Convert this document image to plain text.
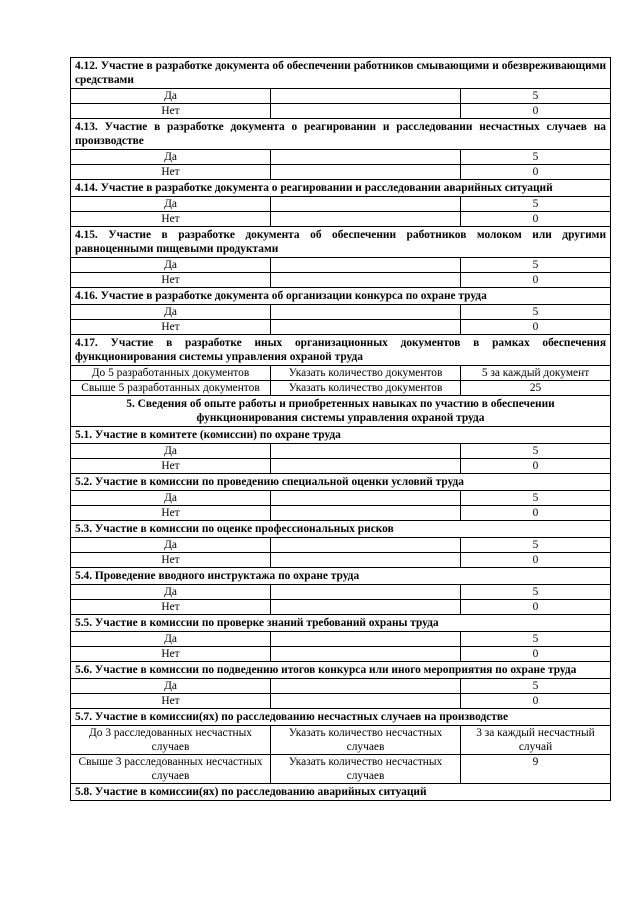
4.12. Участие в разработке документа об обеспечении работников смывающими и обезвреживающими средствами		
Да		5
Нет		0
4.13. Участие в разработке документа о реагировании и расследовании несчастных случаев на производстве		
Да		5
Нет		0
4.14. Участие в разработке документа о реагировании и расследовании аварийных ситуаций		
Да		5
Нет		0
4.15. Участие в разработке документа об обеспечении работников молоком или другими равноценными пищевыми продуктами		
Да		5
Нет		0
4.16. Участие в разработке документа об организации конкурса по охране труда		
Да		5
Нет		0
4.17. Участие в разработке иных организационных документов в рамках обеспечения функционирования системы управления охраной труда		
До 5 разработанных документов	Указать количество документов	5 за каждый документ
Свыше 5 разработанных документов	Указать количество документов	25
5. Сведения об опыте работы и приобретенных навыках по участию в обеспечении функционирования системы управления охраной труда		
5.1. Участие в комитете (комиссии) по охране труда		
Да		5
Нет		0
5.2. Участие в комиссии по проведению специальной оценки условий труда		
Да		5
Нет		0
5.3. Участие в комиссии по оценке профессиональных рисков		
Да		5
Нет		0
5.4. Проведение вводного инструктажа по охране труда		
Да		5
Нет		0
5.5. Участие в комиссии по проверке знаний требований охраны труда		
Да		5
Нет		0
5.6. Участие в комиссии по подведению итогов конкурса или иного мероприятия по охране труда		
Да		5
Нет		0
5.7. Участие в комиссии(ях) по расследованию несчастных случаев на производстве		
До 3 расследованных несчастных случаев	Указать количество несчастных случаев	3 за каждый несчастный случай
Свыше 3 расследованных несчастных случаев	Указать количество несчастных случаев	9
5.8. Участие в комиссии(ях) по расследованию аварийных ситуаций		
